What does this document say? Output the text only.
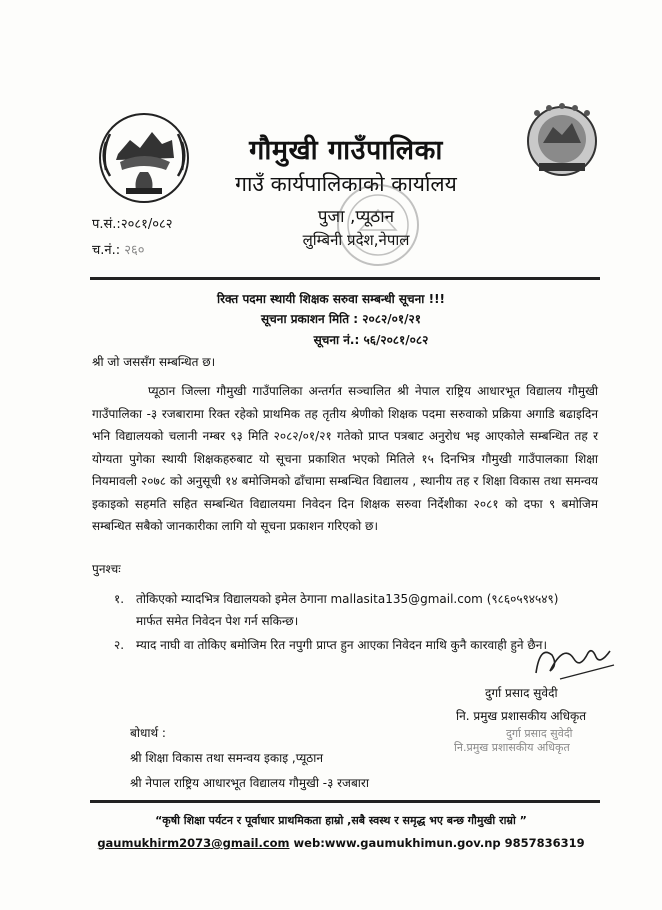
गौमुखी गाउँपालिका
गाउँ कार्यपालिकाको कार्यालय
पुजा ,प्यूठान
लुम्बिनी प्रदेश,नेपाल
प.सं.:२०८१/०८२
च.नं.: २६०
रिक्त पदमा स्थायी शिक्षक सरुवा सम्बन्धी सूचना !!!
सूचना प्रकाशन मिति : २०८२/०१/२१
सूचना नं.: ५६/२०८१/०८२
श्री जो जससँग सम्बन्धित छ।
प्यूठान जिल्ला गौमुखी गाउँपालिका अन्तर्गत सञ्चालित श्री नेपाल राष्ट्रिय आधारभूत विद्यालय गौमुखी गाउँपालिका -३ रजबारामा रिक्त रहेको प्राथमिक तह तृतीय श्रेणीको शिक्षक पदमा सरुवाको प्रक्रिया अगाडि बढाइदिन भनि विद्यालयको चलानी नम्बर ९३ मिति २०८२/०१/२१ गतेको प्राप्त पत्रबाट अनुरोध भइ आएकोले सम्बन्धित तह र योग्यता पुगेका स्थायी शिक्षकहरुबाट यो सूचना प्रकाशित भएको मितिले १५ दिनभित्र गौमुखी गाउँपालकाा शिक्षा नियमावली २०७८ को अनुसूची १४ बमोजिमको ढाँचामा सम्बन्धित विद्यालय , स्थानीय तह र शिक्षा विकास तथा समन्वय इकाइको सहमति सहित सम्बन्धित विद्यालयमा निवेदन दिन शिक्षक सरुवा निर्देशीका २०८१ को दफा ९ बमोजिम सम्बन्धित सबैको जानकारीका लागि यो सूचना प्रकाशन गरिएको छ।
पुनश्चः
१. तोकिएको म्यादभित्र विद्यालयको इमेल ठेगाना mallasita135@gmail.com (९८६०५९४५४९) मार्फत समेत निवेदन पेश गर्न सकिन्छ।
२. म्याद नाघी वा तोकिए बमोजिम रित नपुगी प्राप्त हुन आएका निवेदन माथि कुनै कारवाही हुने छैन।
दुर्गा प्रसाद सुवेदी
नि. प्रमुख प्रशासकीय अधिकृत
दुर्गा प्रसाद सुवेदी
नि.प्रमुख प्रशासकीय अधिकृत
बोधार्थ :
श्री शिक्षा विकास तथा समन्वय इकाइ ,प्यूठान
श्री नेपाल राष्ट्रिय आधारभूत विद्यालय गौमुखी -३ रजबारा
“कृषी शिक्षा पर्यटन र पूर्वाधार प्राथमिकता हाम्रो ,सबै स्वस्थ र समृद्ध भए बन्छ गौमुखी राम्रो ”
gaumukhirm2073@gmail.com web:www.gaumukhimun.gov.np 9857836319
